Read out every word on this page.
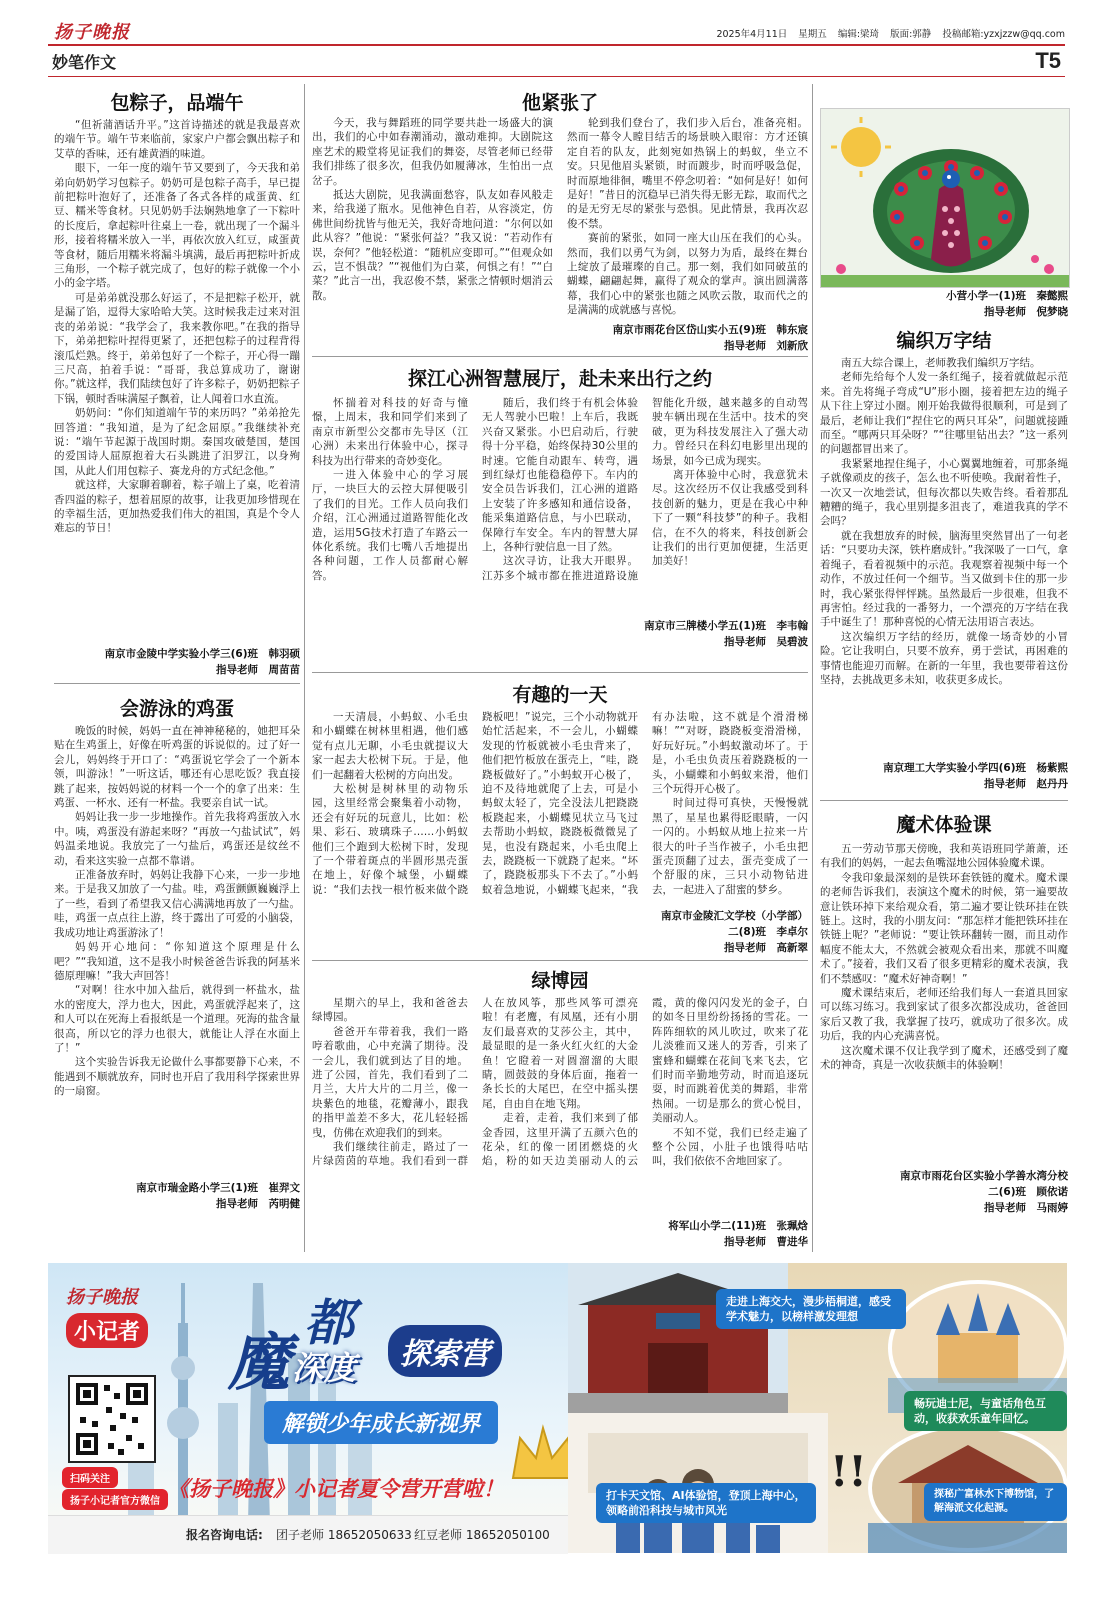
扬子晚报	2025年4月11日 星期五 编辑:梁琦 版面:郭静 投稿邮箱:yzxjzzw@qq.com
妙笔作文	T5
包粽子，品端午

“但祈蒲酒话升平。”这首诗描述的就是我最喜欢的端午节。端午节来临前，家家户户都会飘出粽子和艾草的香味，还有雄黄酒的味道。

眼下，一年一度的端午节又要到了，今天我和弟弟向奶奶学习包粽子。奶奶可是包粽子高手，早已提前把粽叶泡好了，还准备了各式各样的咸蛋黄、红豆、糯米等食材。只见奶奶手法娴熟地拿了一下粽叶的长度后，拿起粽叶往桌上一卷，就出现了一个漏斗形，接着将糯米放入一半，再依次放入红豆，咸蛋黄等食材，随后用糯米将漏斗填满，最后再把粽叶折成三角形，一个粽子就完成了，包好的粽子就像一个小小的金字塔。

可是弟弟就没那么好运了，不是把粽子松开，就是漏了馅，逗得大家哈哈大笑。这时候我走过来对沮丧的弟弟说：“我学会了，我来教你吧。”在我的指导下，弟弟把粽叶捏得更紧了，还把包粽子的过程背得滚瓜烂熟。终于，弟弟包好了一个粽子，开心得一蹦三尺高，拍着手说：“哥哥，我总算成功了，谢谢你。”就这样，我们陆续包好了许多粽子，奶奶把粽子下锅，顿时香味满屋子飘着，让人闻着口水直流。

奶奶问：“你们知道端午节的来历吗？”弟弟抢先回答道：“我知道，是为了纪念屈原。”我继续补充说：“端午节起源于战国时期。秦国攻破楚国，楚国的爱国诗人屈原抱着大石头跳进了汨罗江，以身殉国，从此人们用包粽子、赛龙舟的方式纪念他。”

就这样，大家聊着聊着，粽子端上了桌，吃着清香四溢的粽子，想着屈原的故事，让我更加珍惜现在的幸福生活，更加热爱我们伟大的祖国，真是个令人难忘的节日！

南京市金陵中学实验小学三(6)班　韩羽硕
指导老师　周苗苗
会游泳的鸡蛋

晚饭的时候，妈妈一直在神神秘秘的，她把耳朵贴在生鸡蛋上，好像在听鸡蛋的诉说似的。过了好一会儿，妈妈终于开口了：“鸡蛋说它学会了一个新本领，叫游泳！”一听这话，哪还有心思吃饭？我直接跳了起来，按妈妈说的材料一个一个的拿了出来：生鸡蛋、一杯水、还有一杯盐。我要亲自试一试。

妈妈让我一步一步地操作。首先我将鸡蛋放入水中。咦，鸡蛋没有游起来呀？“再放一勺盐试试”，妈妈温柔地说。我放完了一勺盐后，鸡蛋还是纹丝不动，看来这实验一点都不靠谱。

正准备放弃时，妈妈让我静下心来，一步一步地来。于是我又加放了一勺盐。哇，鸡蛋颤颤巍巍浮上了一些，看到了希望我又信心满满地再放了一勺盐。哇，鸡蛋一点点往上游，终于露出了可爱的小脑袋，我成功地让鸡蛋游泳了！

妈妈开心地问：“你知道这个原理是什么吧？”“我知道，这不是我小时候爸爸告诉我的阿基米德原理嘛！”我大声回答！

“对啊！往水中加入盐后，就得到一杯盐水，盐水的密度大，浮力也大，因此，鸡蛋就浮起来了，这和人可以在死海上看报纸是一个道理。死海的盐含量很高，所以它的浮力也很大，就能让人浮在水面上了！”

这个实验告诉我无论做什么事都要静下心来，不能遇到不顺就放弃，同时也开启了我用科学探索世界的一扇窗。

南京市瑞金路小学三(1)班　崔羿文
指导老师　芮明健
他紧张了

今天，我与舞蹈班的同学要共赴一场盛大的演出，我们的心中如春潮涌动，激动难抑。大剧院这座艺术的殿堂将见证我们的舞姿，尽管老师已经带我们排练了很多次，但我仍如履薄冰，生怕出一点岔子。

抵达大剧院，见我满面愁容，队友如春风般走来，给我递了瓶水。见他神色自若，从容淡定，仿佛世间纷扰皆与他无关，我好奇地问道：“尔何以如此从容？”他说：“紧张何益？”我又说：“若动作有误，奈何？”他轻松道：“随机应变即可。”“但观众如云，岂不惧哉？”“视他们为白菜，何惧之有！”“白菜？”此言一出，我忍俊不禁，紧张之情顿时烟消云散。

轮到我们登台了，我们步入后台，准备亮相。然而一幕令人瞠目结舌的场景映入眼帘：方才还镇定自若的队友，此刻宛如热锅上的蚂蚁，坐立不安。只见他眉头紧锁，时而踱步，时而呼吸急促，时而原地徘徊，嘴里不停念叨着：“如何是好！如何是好！”昔日的沉稳早已消失得无影无踪，取而代之的是无穷无尽的紧张与恐惧。见此情景，我再次忍俊不禁。

赛前的紧张，如同一座大山压在我们的心头。然而，我们以勇气为剑，以努力为盾，最终在舞台上绽放了最璀璨的自己。那一刻，我们如同破茧的蝴蝶，翩翩起舞，赢得了观众的掌声。演出圆满落幕，我们心中的紧张也随之风吹云散，取而代之的是满满的成就感与喜悦。

南京市雨花台区岱山实小五(9)班　韩东宸
指导老师　刘新欣
探江心洲智慧展厅，赴未来出行之约

怀揣着对科技的好奇与憧憬，上周末，我和同学们来到了南京市新型公交都市先导区（江心洲）未来出行体验中心，探寻科技为出行带来的奇妙变化。

一进入体验中心的学习展厅，一块巨大的云控大屏便吸引了我们的目光。工作人员向我们介绍，江心洲通过道路智能化改造，运用5G技术打造了车路云一体化系统。我们七嘴八舌地提出各种问题，工作人员都耐心解答。

随后，我们终于有机会体验无人驾驶小巴啦！上车后，我既兴奋又紧张。小巴启动后，行驶得十分平稳，始终保持30公里的时速。它能自动跟车、转弯，遇到红绿灯也能稳稳停下。车内的安全员告诉我们，江心洲的道路上安装了许多感知和通信设备，能采集道路信息，与小巴联动，保障行车安全。车内的智慧大屏上，各种行驶信息一目了然。

这次寻访，让我大开眼界。江苏多个城市都在推进道路设施智能化升级，越来越多的自动驾驶车辆出现在生活中。技术的突破，更为科技发展注入了强大动力。曾经只在科幻电影里出现的场景，如今已成为现实。

离开体验中心时，我意犹未尽。这次经历不仅让我感受到科技创新的魅力，更是在我心中种下了一颗“科技梦”的种子。我相信，在不久的将来，科技创新会让我们的出行更加便捷，生活更加美好！

南京市三牌楼小学五(1)班　李韦翰
指导老师　吴碧波
有趣的一天

一天清晨，小蚂蚁、小毛虫和小蝴蝶在树林里相遇，他们感觉有点儿无聊，小毛虫就提议大家一起去大松树下玩。于是，他们一起翻着大松树的方向出发。

大松树是树林里的动物乐园，这里经常会聚集着小动物，还会有好玩的玩意儿，比如：松果、彩石、玻璃珠子……小蚂蚁他们三个跑到大松树下时，发现了一个带着斑点的半圆形黑壳蛋在地上，好像个城堡，小蝴蝶说：“我们去找一根竹板来做个跷跷板吧！”说完，三个小动物就开始忙活起来，不一会儿，小蝴蝶发现的竹板就被小毛虫背来了，他们把竹板放在蛋壳上，“哇，跷跷板做好了。”小蚂蚁开心极了，迫不及待地就爬了上去，可是小蚂蚁太轻了，完全没法儿把跷跷板跷起来，小蝴蝶见状立马飞过去帮助小蚂蚁，跷跷板微微晃了晃，也没有跷起来，小毛虫爬上去，跷跷板一下就跷了起来。“坏了，跷跷板那头下不去了。”小蚂蚁着急地说，小蝴蝶飞起来，“我有办法啦，这不就是个滑滑梯嘛！”“对呀，跷跷板变滑滑梯，好玩好玩。”小蚂蚁激动坏了。于是，小毛虫负责压着跷跷板的一头，小蝴蝶和小蚂蚁来滑，他们三个玩得开心极了。

时间过得可真快，天慢慢就黑了，星星也累得眨眼睛，一闪一闪的。小蚂蚁从地上拉来一片很大的叶子当作被子，小毛虫把蛋壳顶翻了过去，蛋壳变成了一个舒服的床，三只小动物钻进去，一起进入了甜蜜的梦乡。

南京市金陵汇文学校（小学部）
二(8)班　李卓尔
指导老师　高新翠
绿博园

星期六的早上，我和爸爸去绿博园。

爸爸开车带着我，我们一路哼着歌曲，心中充满了期待。没一会儿，我们就到达了目的地。进了公园，首先，我们看到了二月兰，大片大片的二月兰，像一块紫色的地毯，花瓣薄小，跟我的指甲盖差不多大，花儿轻轻摇曳，仿佛在欢迎我们的到来。

我们继续往前走，路过了一片绿茵茵的草地。我们看到一群人在放风筝，那些风筝可漂亮啦！有老鹰，有凤凰，还有小朋友们最喜欢的艾莎公主，其中，最显眼的是一条火红火红的大金鱼！它瞪着一对圆溜溜的大眼睛，圆鼓鼓的身体后面，拖着一条长长的大尾巴，在空中摇头摆尾，自由自在地飞翔。

走着，走着，我们来到了郁金香园，这里开满了五颜六色的花朵，红的像一团团燃烧的火焰，粉的如天边美丽动人的云霞，黄的像闪闪发光的金子，白的如冬日里纷纷扬扬的雪花。一阵阵细软的风儿吹过，吹来了花儿淡雅而又迷人的芳香，引来了蜜蜂和蝴蝶在花间飞来飞去，它们时而辛勤地劳动，时而追逐玩耍，时而跳着优美的舞蹈，非常热闹。一切是那么的赏心悦目，美丽动人。

不知不觉，我们已经走遍了整个公园，小肚子也饿得咕咕叫，我们依依不舍地回家了。

将军山小学二(11)班　张珮焓
指导老师　曹进华
小营小学一(1)班　秦懿熙
指导老师　倪梦晓
编织万字结

南五大综合课上，老师教我们编织万字结。

老师先给每个人发一条红绳子，接着就做起示范来。首先将绳子弯成“U”形小圈，接着把左边的绳子从下往上穿过小圈。刚开始我做得很顺利，可是到了最后，老师让我们“捏住它的两只耳朵”，问题就接踵而至。“哪两只耳朵呀？”“往哪里钻出去？”这一系列的问题都冒出来了。

我紧紧地捏住绳子，小心翼翼地缠着，可那条绳子就像顽皮的孩子，怎么也不听使唤。我耐着性子，一次又一次地尝试，但每次都以失败告终。看着那乱糟糟的绳子，我心里别提多沮丧了，难道我真的学不会吗？

就在我想放弃的时候，脑海里突然冒出了一句老话：“只要功夫深，铁杵磨成针。”我深吸了一口气，拿着绳子，看着视频中的示范。我观察着视频中每一个动作，不放过任何一个细节。当又做到卡住的那一步时，我心紧张得怦怦跳。虽然最后一步很难，但我不再害怕。经过我的一番努力，一个漂亮的万字结在我手中诞生了！那种喜悦的心情无法用语言表达。

这次编织万字结的经历，就像一场奇妙的小冒险。它让我明白，只要不放弃，勇于尝试，再困难的事情也能迎刃而解。在新的一年里，我也要带着这份坚持，去挑战更多未知，收获更多成长。

南京理工大学实验小学四(6)班　杨紫熙
指导老师　赵丹丹
魔术体验课

五一劳动节那天傍晚，我和英语班同学萧萧，还有我们的妈妈，一起去鱼嘴湿地公园体验魔术课。

令我印象最深刻的是铁环套铁链的魔术。魔术课的老师告诉我们，表演这个魔术的时候，第一遍要故意让铁环掉下来给观众看，第二遍才要让铁环挂在铁链上。这时，我的小朋友问：“那怎样才能把铁环挂在铁链上呢？”老师说：“要让铁环翻转一圈，而且动作幅度不能太大，不然就会被观众看出来，那就不叫魔术了。”接着，我们又看了很多更精彩的魔术表演，我们不禁感叹：“魔术好神奇啊！”

魔术课结束后，老师还给我们每人一套道具回家可以练习练习。我到家试了很多次都没成功，爸爸回家后又教了我，我掌握了技巧，就成功了很多次。成功后，我的内心充满喜悦。

这次魔术课不仅让我学到了魔术，还感受到了魔术的神奇，真是一次收获颇丰的体验啊！

南京市雨花台区实验小学善水湾分校
二(6)班　顾依诺
指导老师　马雨婷
扬子晚报
小记者
扫码关注
扬子小记者官方微信
魔
都
深度	探索营
解锁少年成长新视界
《扬子晚报》小记者夏令营开营啦！
报名咨询电话: 团子老师 18652050633 红豆老师 18652050100
走进上海交大，漫步梧桐道，感受学术魅力，以榜样激发理想
畅玩迪士尼，与童话角色互动，收获欢乐童年回忆。
探秘广富林水下博物馆，了解海派文化起源。
打卡天文馆、AI体验馆，登顶上海中心，领略前沿科技与城市风光
!!
